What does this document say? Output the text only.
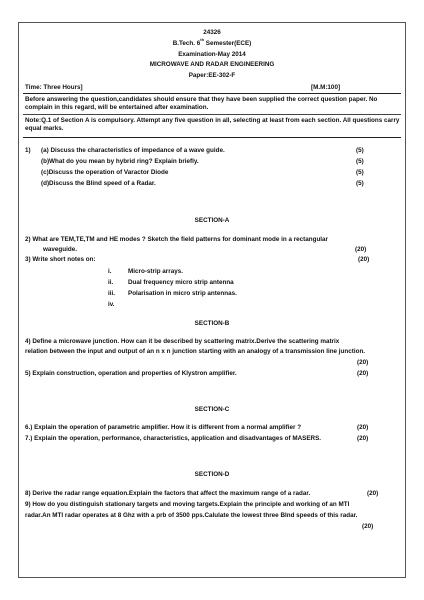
24326
B.Tech. 6th Semester(ECE)
Examination-May 2014
MICROWAVE AND RADAR ENGINEERING
Paper:EE-302-F
Time: Three Hours]	[M.M:100]
Before answering the question,candidates should ensure that they have been supplied the correct question paper. No complain in this regard, will be entertained after examination.
Note:Q.1 of Section A is compulsory. Attempt any five question in all, selecting at least from each section. All questions carry equal marks.
1) (a) Discuss the characteristics of impedance of a wave guide.	(5)
(b)What do you mean by hybrid ring? Explain briefly.	(5)
(c)Discuss the operation of Varactor Diode	(5)
(d)Discuss the Blind speed of a Radar.	(5)
SECTION-A
2) What are TEM,TE,TM and HE modes ? Sketch the field patterns for dominant mode in a rectangular
waveguide.	(20)
3) Write short notes on:	(20)
i.	Micro-strip arrays.
ii. Dual frequency micro strip antenna
iii. Polarisation in micro strip antennas.
iv.
SECTION-B
4) Define a microwave junction. How can it be described by scattering matrix.Derive the scattering matrix
relation between the input and output of an n x n junction starting with an analogy of a transmission line junction.
(20)
5) Explain construction, operation and properties of Klystron amplifier.	(20)
SECTION-C
6.) Explain the operation of parametric amplifier. How it is different from a normal amplifier ?	(20)
7.) Explain the operation, performance, characteristics, application and disadvantages of MASERS.	(20)
SECTION-D
8) Derive the radar range equation.Explain the factors that affect the maximum range of a radar.	(20)
9) How do you distinguish stationary targets and moving targets.Explain the principle and working of an MTI
radar.An MTI radar operates at 8 Ghz with a prb of 3500 pps.Calulate the lowest three Blnd speeds of this radar.
(20)
